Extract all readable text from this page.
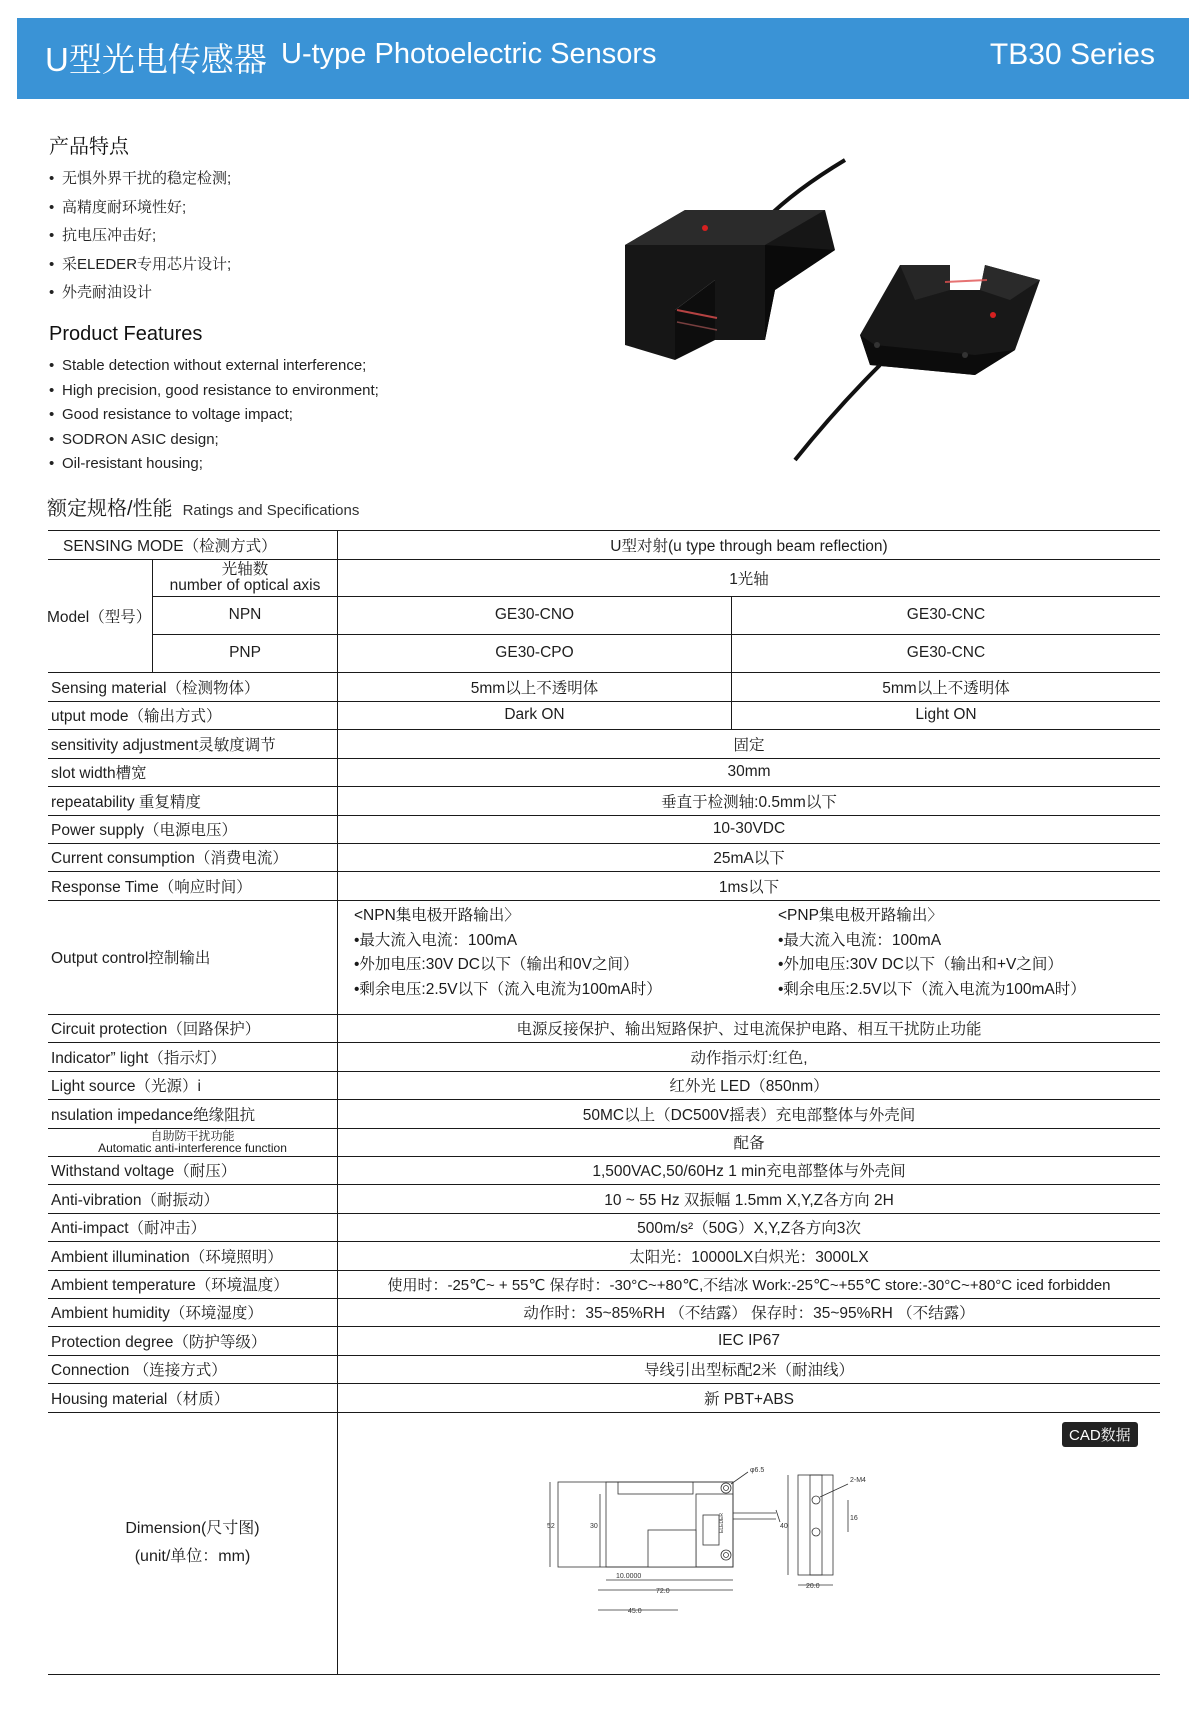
U型光电传感器 U-type Photoelectric Sensors	TB30 Series
产品特点
• 无惧外界干扰的稳定检测;
• 高精度耐环境性好;
• 抗电压冲击好;
• 采ELEDER专用芯片设计;
• 外壳耐油设计
Product Features
• Stable detection without external interference;
• High precision, good resistance to environment;
• Good resistance to voltage impact;
• SODRON ASIC design;
• Oil-resistant housing;
额定规格/性能 Ratings and Specifications
SENSING MODE（检测方式）	U型对射(u type through beam reflection)
Model（型号）
光轴数
number of optical axis	1光轴
NPN	GE30-CNO	GE30-CNC
PNP	GE30-CPO	GE30-CNC
Sensing material（检测物体）	5mm以上不透明体	5mm以上不透明体
utput mode（输出方式）	Dark ON	Light ON
sensitivity adjustment灵敏度调节	固定
slot width槽宽	30mm
repeatability 重复精度	垂直于检测轴:0.5mm以下
Power supply（电源电压）	10-30VDC
Current consumption（消费电流）	25mA以下
Response Time（响应时间）	1ms以下
Output control控制输出
<NPN集电极开路输出〉
•最大流入电流：100mA
•外加电压:30V DC以下（输出和0V之间）
•剩余电压:2.5V以下（流入电流为100mA时）
<PNP集电极开路输出〉
•最大流入电流：100mA
•外加电压:30V DC以下（输出和+V之间）
•剩余电压:2.5V以下（流入电流为100mA时）
Circuit protection（回路保护）	电源反接保护、输出短路保护、过电流保护电路、相互干扰防止功能
Indicator” light（指示灯）	动作指示灯:红色,
Light source（光源）i	红外光 LED（850nm）
nsulation impedance绝缘阻抗	50MC以上（DC500V摇表）充电部整体与外壳间
自助防干扰功能
Automatic anti-interference function	配备
Withstand voltage（耐压）	1,500VAC,50/60Hz 1 min充电部整体与外壳间
Anti-vibration（耐振动）	10 ~ 55 Hz 双振幅 1.5mm X,Y,Z各方向 2H
Anti-impact（耐冲击）	500m/s²（50G）X,Y,Z各方向3次
Ambient illumination（环境照明）	太阳光：10000LX白炽光：3000LX
Ambient temperature（环境温度）	使用时：-25℃~ + 55℃ 保存时：-30°C~+80℃,不结冰 Work:-25℃~+55℃ store:-30°C~+80°C iced forbidden
Ambient humidity（环境湿度）	动作时：35~85%RH （不结露） 保存时：35~95%RH （不结露）
Protection degree（防护等级）	IEC IP67
Connection （连接方式）	导线引出型标配2米（耐油线）
Housing material（材质）	新 PBT+ABS
Dimension(尺寸图)
(unit/单位：mm)
CAD数据
φ6.5
52	30
10.0000
72.0
45.0
40
16
2-M4
20.0
ELEDER
